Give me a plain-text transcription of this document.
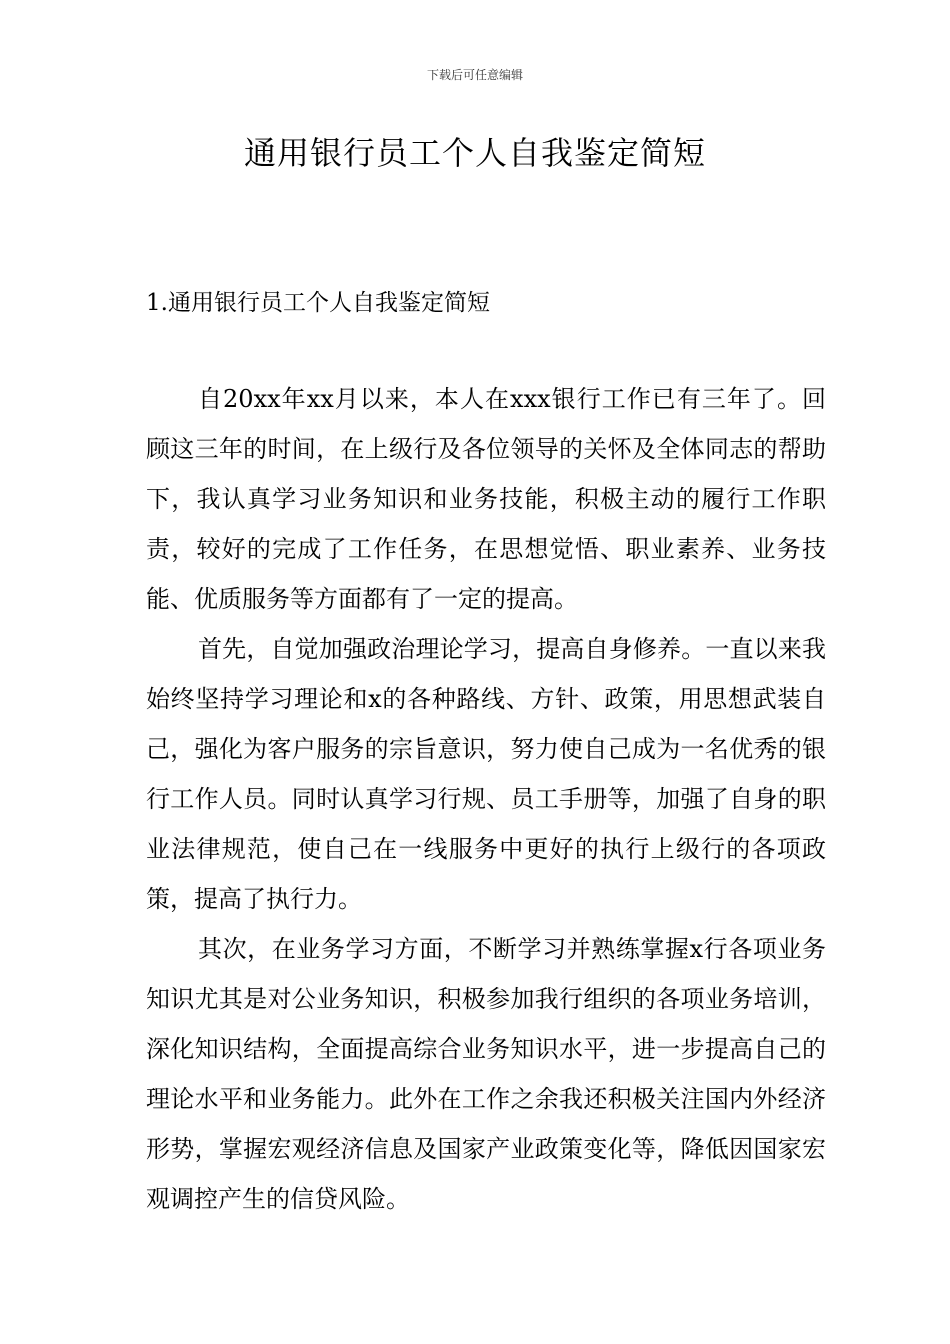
下载后可任意编辑
通用银行员工个人自我鉴定简短
1.通用银行员工个人自我鉴定简短

自20xx年xx月以来，本人在xxx银行工作已有三年了。回顾这三年的时间，在上级行及各位领导的关怀及全体同志的帮助下，我认真学习业务知识和业务技能，积极主动的履行工作职责，较好的完成了工作任务，在思想觉悟、职业素养、业务技能、优质服务等方面都有了一定的提高。

首先，自觉加强政治理论学习，提高自身修养。一直以来我始终坚持学习理论和x的各种路线、方针、政策，用思想武装自己，强化为客户服务的宗旨意识，努力使自己成为一名优秀的银行工作人员。同时认真学习行规、员工手册等，加强了自身的职业法律规范，使自己在一线服务中更好的执行上级行的各项政策，提高了执行力。

其次，在业务学习方面，不断学习并熟练掌握x行各项业务知识尤其是对公业务知识，积极参加我行组织的各项业务培训，深化知识结构，全面提高综合业务知识水平，进一步提高自己的理论水平和业务能力。此外在工作之余我还积极关注国内外经济形势，掌握宏观经济信息及国家产业政策变化等，降低因国家宏观调控产生的信贷风险。
